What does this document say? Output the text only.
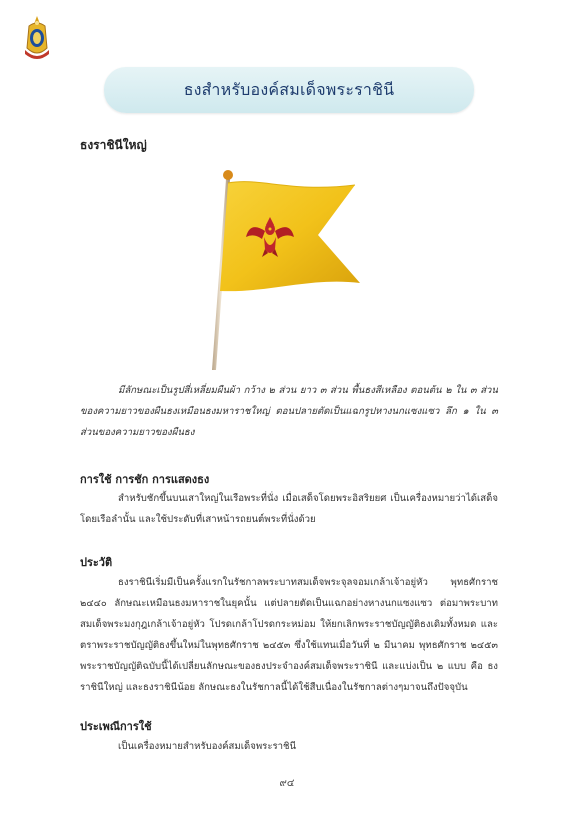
ธงสำหรับองค์สมเด็จพระราชินี
ธงราชินีใหญ่
มีลักษณะเป็นรูปสี่เหลี่ยมผืนผ้า กว้าง ๒ ส่วน ยาว ๓ ส่วน พื้นธงสีเหลือง ตอนต้น ๒ ใน ๓ ส่วนของความยาวของผืนธงเหมือนธงมหาราชใหญ่ ตอนปลายตัดเป็นแฉกรูปหางนกแซงแซว ลึก ๑ ใน ๓ ส่วนของความยาวของผืนธง
การใช้ การชัก การแสดงธง
สำหรับชักขึ้นบนเสาใหญ่ในเรือพระที่นั่ง เมื่อเสด็จโดยพระอิสริยยศ เป็นเครื่องหมายว่าได้เสด็จโดยเรือลำนั้น และใช้ประดับที่เสาหน้ารถยนต์พระที่นั่งด้วย
ประวัติ
ธงราชินีเริ่มมีเป็นครั้งแรกในรัชกาลพระบาทสมเด็จพระจุลจอมเกล้าเจ้าอยู่หัว พุทธศักราช ๒๔๔๐ ลักษณะเหมือนธงมหาราชในยุคนั้น แต่ปลายตัดเป็นแฉกอย่างหางนกแซงแซว ต่อมาพระบาทสมเด็จพระมงกุฎเกล้าเจ้าอยู่หัว โปรดเกล้าโปรดกระหม่อม ให้ยกเลิกพระราชบัญญัติธงเดิมทั้งหมด และตราพระราชบัญญัติธงขึ้นใหม่ในพุทธศักราช ๒๔๕๓ ซึ่งใช้แทนเมื่อวันที่ ๒ มีนาคม พุทธศักราช ๒๔๕๓ พระราชบัญญัติฉบับนี้ได้เปลี่ยนลักษณะของธงประจำองค์สมเด็จพระราชินี และแบ่งเป็น ๒ แบบ คือ ธงราชินีใหญ่ และธงราชินีน้อย ลักษณะธงในรัชกาลนี้ได้ใช้สืบเนื่องในรัชกาลต่างๆมาจนถึงปัจจุบัน
ประเพณีการใช้
เป็นเครื่องหมายสำหรับองค์สมเด็จพระราชินี
๙๔
